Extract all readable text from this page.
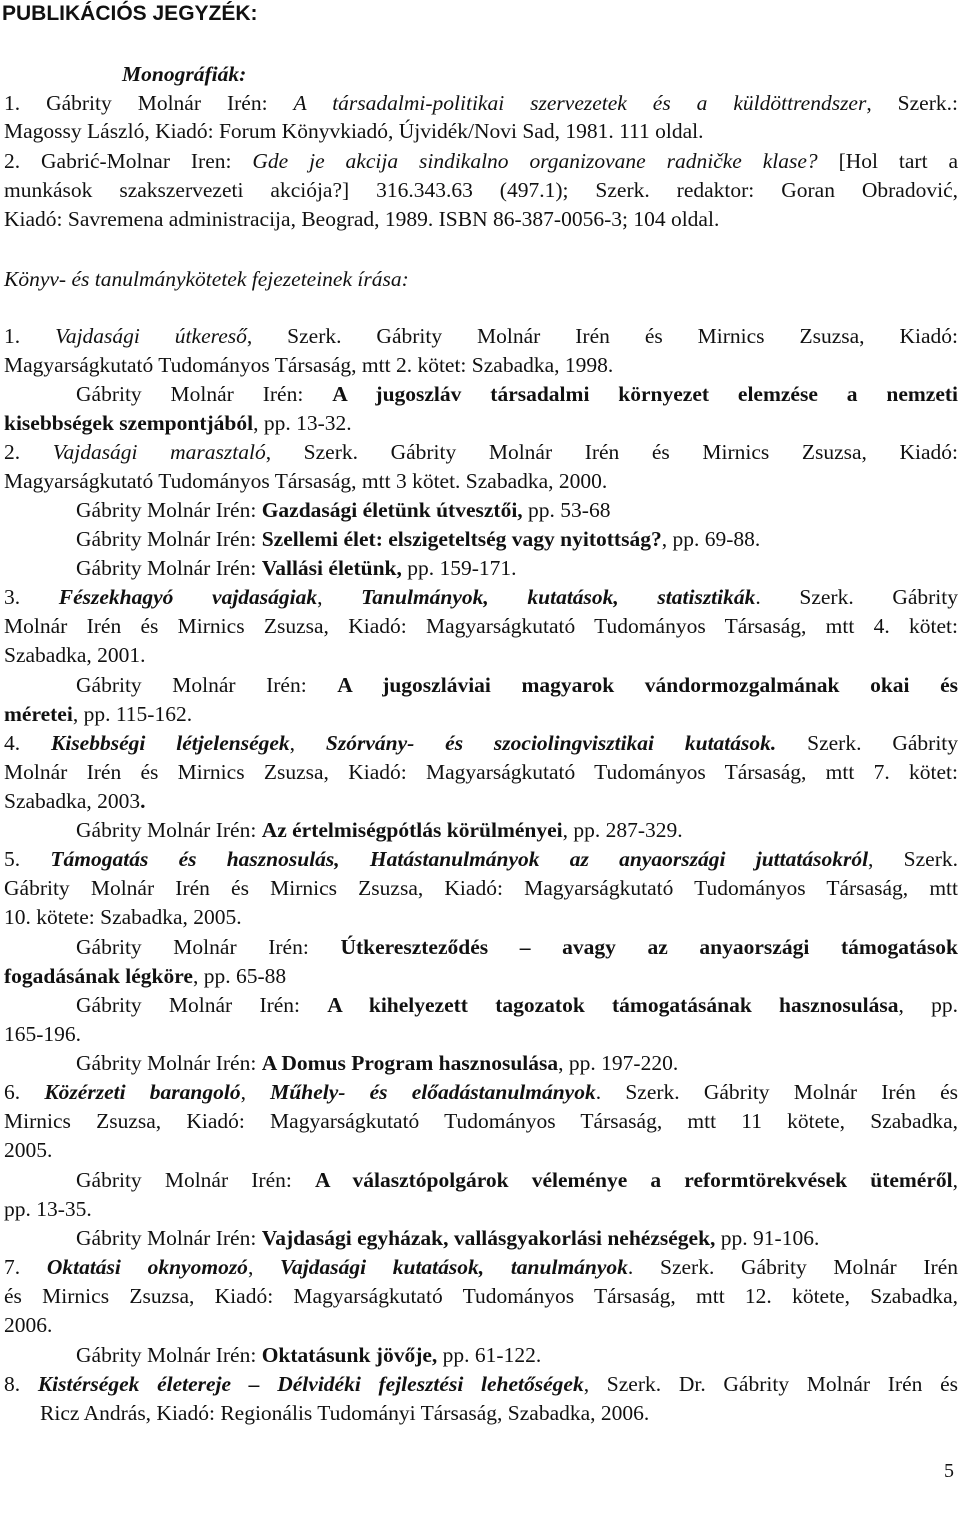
PUBLIKÁCIÓS JEGYZÉK:
Monográfiák:
1. Gábrity Molnár Irén: A társadalmi-politikai szervezetek és a küldöttrendszer, Szerk.:
Magossy László, Kiadó: Forum Könyvkiadó, Újvidék/Novi Sad, 1981. 111 oldal.
2. Gabrić-Molnar Iren: Gde je akcija sindikalno organizovane radničke klase? [Hol tart a
munkások szakszervezeti akciója?] 316.343.63 (497.1); Szerk. redaktor: Goran Obradović,
Kiadó: Savremena administracija, Beograd, 1989. ISBN 86-387-0056-3; 104 oldal.
Könyv- és tanulmánykötetek fejezeteinek írása:
1. Vajdasági útkereső, Szerk. Gábrity Molnár Irén és Mirnics Zsuzsa, Kiadó:
Magyarságkutató Tudományos Társaság, mtt 2. kötet: Szabadka, 1998.
Gábrity Molnár Irén: A jugoszláv társadalmi környezet elemzése a nemzeti
kisebbségek szempontjából, pp. 13-32.
2. Vajdasági marasztaló, Szerk. Gábrity Molnár Irén és Mirnics Zsuzsa, Kiadó:
Magyarságkutató Tudományos Társaság, mtt 3 kötet. Szabadka, 2000.
Gábrity Molnár Irén: Gazdasági életünk útvesztői, pp. 53-68
Gábrity Molnár Irén: Szellemi élet: elszigeteltség vagy nyitottság?, pp. 69-88.
Gábrity Molnár Irén: Vallási életünk, pp. 159-171.
3. Fészekhagyó vajdaságiak, Tanulmányok, kutatások, statisztikák. Szerk. Gábrity
Molnár Irén és Mirnics Zsuzsa, Kiadó: Magyarságkutató Tudományos Társaság, mtt 4. kötet:
Szabadka, 2001.
Gábrity Molnár Irén: A jugoszláviai magyarok vándormozgalmának okai és
méretei, pp. 115-162.
4. Kisebbségi létjelenségek, Szórvány- és szociolingvisztikai kutatások. Szerk. Gábrity
Molnár Irén és Mirnics Zsuzsa, Kiadó: Magyarságkutató Tudományos Társaság, mtt 7. kötet:
Szabadka, 2003.
Gábrity Molnár Irén: Az értelmiségpótlás körülményei, pp. 287-329.
5. Támogatás és hasznosulás, Hatástanulmányok az anyaországi juttatásokról, Szerk.
Gábrity Molnár Irén és Mirnics Zsuzsa, Kiadó: Magyarságkutató Tudományos Társaság, mtt
10. kötete: Szabadka, 2005.
Gábrity Molnár Irén: Útkereszteződés – avagy az anyaországi támogatások
fogadásának légköre, pp. 65-88
Gábrity Molnár Irén: A kihelyezett tagozatok támogatásának hasznosulása, pp.
165-196.
Gábrity Molnár Irén: A Domus Program hasznosulása, pp. 197-220.
6. Közérzeti barangoló, Műhely- és előadástanulmányok. Szerk. Gábrity Molnár Irén és
Mirnics Zsuzsa, Kiadó: Magyarságkutató Tudományos Társaság, mtt 11 kötete, Szabadka,
2005.
Gábrity Molnár Irén: A választópolgárok véleménye a reformtörekvések üteméről,
pp. 13-35.
Gábrity Molnár Irén: Vajdasági egyházak, vallásgyakorlási nehézségek, pp. 91-106.
7. Oktatási oknyomozó, Vajdasági kutatások, tanulmányok. Szerk. Gábrity Molnár Irén
és Mirnics Zsuzsa, Kiadó: Magyarságkutató Tudományos Társaság, mtt 12. kötete, Szabadka,
2006.
Gábrity Molnár Irén: Oktatásunk jövője, pp. 61-122.
8. Kistérségek életereje – Délvidéki fejlesztési lehetőségek, Szerk. Dr. Gábrity Molnár Irén és
Ricz András, Kiadó: Regionális Tudományi Társaság, Szabadka, 2006.
5
